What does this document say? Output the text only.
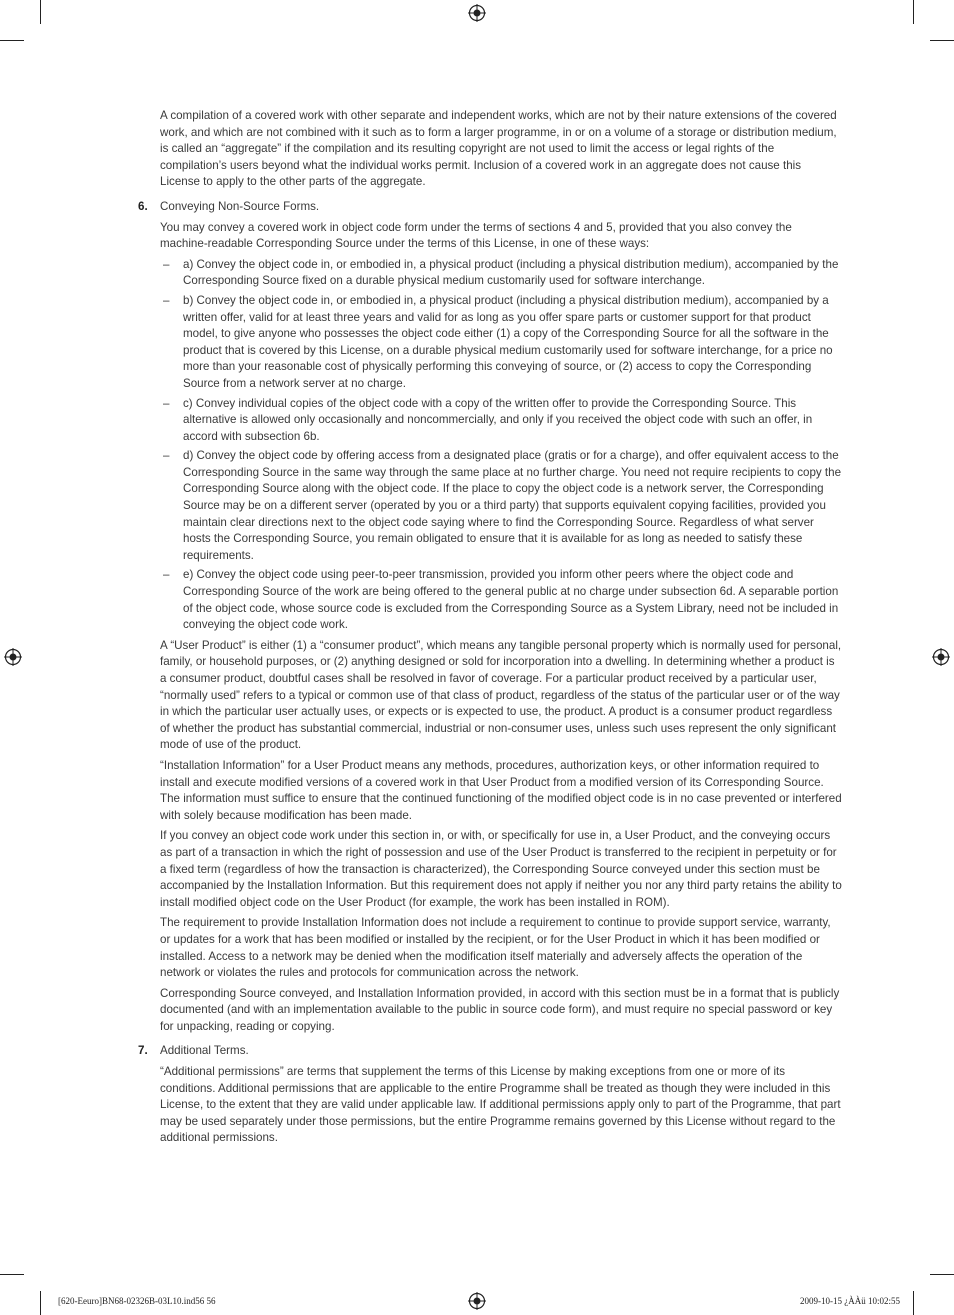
A compilation of a covered work with other separate and independent works, which are not by their nature extensions of the covered work, and which are not combined with it such as to form a larger programme, in or on a volume of a storage or distribution medium, is called an “aggregate” if the compilation and its resulting copyright are not used to limit the access or legal rights of the compilation’s users beyond what the individual works permit. Inclusion of a covered work in an aggregate does not cause this License to apply to the other parts of the aggregate.

6. Conveying Non-Source Forms.

You may convey a covered work in object code form under the terms of sections 4 and 5, provided that you also convey the machine-readable Corresponding Source under the terms of this License, in one of these ways:

– a) Convey the object code in, or embodied in, a physical product (including a physical distribution medium), accompanied by the Corresponding Source fixed on a durable physical medium customarily used for software interchange.
– b) Convey the object code in, or embodied in, a physical product (including a physical distribution medium), accompanied by a written offer, valid for at least three years and valid for as long as you offer spare parts or customer support for that product model, to give anyone who possesses the object code either (1) a copy of the Corresponding Source for all the software in the product that is covered by this License, on a durable physical medium customarily used for software interchange, for a price no more than your reasonable cost of physically performing this conveying of source, or (2) access to copy the Corresponding Source from a network server at no charge.
– c) Convey individual copies of the object code with a copy of the written offer to provide the Corresponding Source. This alternative is allowed only occasionally and noncommercially, and only if you received the object code with such an offer, in accord with subsection 6b.
– d) Convey the object code by offering access from a designated place (gratis or for a charge), and offer equivalent access to the Corresponding Source in the same way through the same place at no further charge. You need not require recipients to copy the Corresponding Source along with the object code. If the place to copy the object code is a network server, the Corresponding Source may be on a different server (operated by you or a third party) that supports equivalent copying facilities, provided you maintain clear directions next to the object code saying where to find the Corresponding Source. Regardless of what server hosts the Corresponding Source, you remain obligated to ensure that it is available for as long as needed to satisfy these requirements.
– e) Convey the object code using peer-to-peer transmission, provided you inform other peers where the object code and Corresponding Source of the work are being offered to the general public at no charge under subsection 6d. A separable portion of the object code, whose source code is excluded from the Corresponding Source as a System Library, need not be included in conveying the object code work.

A “User Product” is either (1) a “consumer product”, which means any tangible personal property which is normally used for personal, family, or household purposes, or (2) anything designed or sold for incorporation into a dwelling. In determining whether a product is a consumer product, doubtful cases shall be resolved in favor of coverage. For a particular product received by a particular user, “normally used” refers to a typical or common use of that class of product, regardless of the status of the particular user or of the way in which the particular user actually uses, or expects or is expected to use, the product. A product is a consumer product regardless of whether the product has substantial commercial, industrial or non-consumer uses, unless such uses represent the only significant mode of use of the product.

“Installation Information” for a User Product means any methods, procedures, authorization keys, or other information required to install and execute modified versions of a covered work in that User Product from a modified version of its Corresponding Source. The information must suffice to ensure that the continued functioning of the modified object code is in no case prevented or interfered with solely because modification has been made.

If you convey an object code work under this section in, or with, or specifically for use in, a User Product, and the conveying occurs as part of a transaction in which the right of possession and use of the User Product is transferred to the recipient in perpetuity or for a fixed term (regardless of how the transaction is characterized), the Corresponding Source conveyed under this section must be accompanied by the Installation Information. But this requirement does not apply if neither you nor any third party retains the ability to install modified object code on the User Product (for example, the work has been installed in ROM).

The requirement to provide Installation Information does not include a requirement to continue to provide support service, warranty, or updates for a work that has been modified or installed by the recipient, or for the User Product in which it has been modified or installed. Access to a network may be denied when the modification itself materially and adversely affects the operation of the network or violates the rules and protocols for communication across the network.

Corresponding Source conveyed, and Installation Information provided, in accord with this section must be in a format that is publicly documented (and with an implementation available to the public in source code form), and must require no special password or key for unpacking, reading or copying.

7. Additional Terms.

“Additional permissions” are terms that supplement the terms of this License by making exceptions from one or more of its conditions. Additional permissions that are applicable to the entire Programme shall be treated as though they were included in this License, to the extent that they are valid under applicable law. If additional permissions apply only to part of the Programme, that part may be used separately under those permissions, but the entire Programme remains governed by this License without regard to the additional permissions.

[620-Eeuro]BN68-02326B-03L10.ind56 56	2009-10-15 ¿ÀÀü 10:02:55
